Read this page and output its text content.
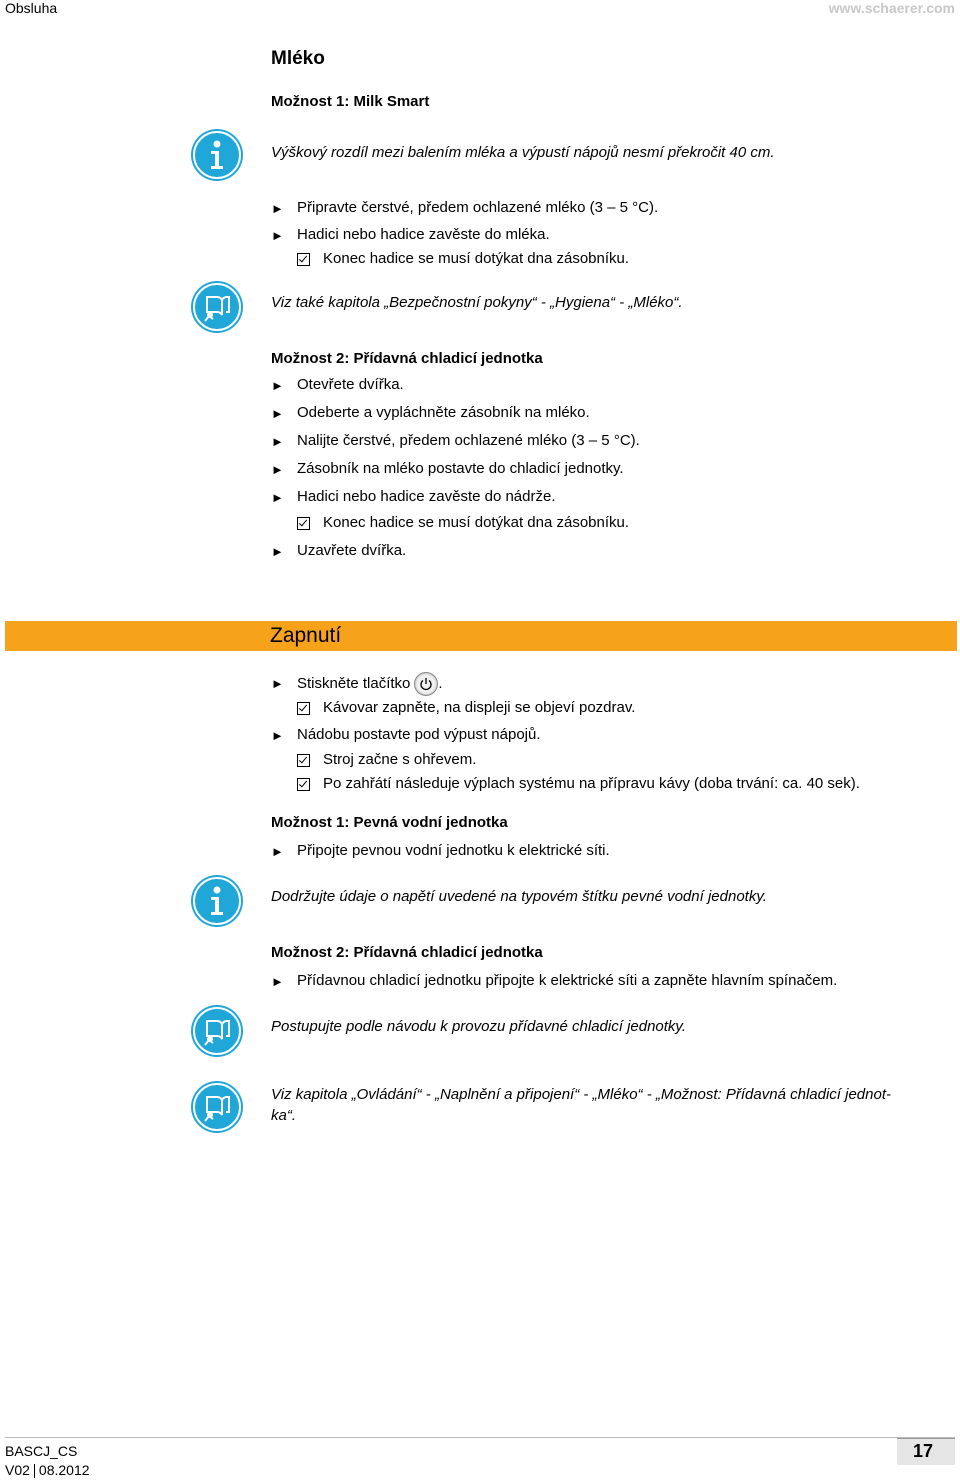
Obsluha	www.schaerer.com
Mléko
Možnost 1: Milk Smart
Výškový rozdíl mezi balením mléka a výpustí nápojů nesmí překročit 40 cm.
► Připravte čerstvé, předem ochlazené mléko (3 – 5 °C).
► Hadici nebo hadice zavěste do mléka.
Konec hadice se musí dotýkat dna zásobníku.
Viz také kapitola „Bezpečnostní pokyny“ - „Hygiena“ - „Mléko“.
Možnost 2: Přídavná chladicí jednotka
► Otevřete dvířka.
► Odeberte a vypláchněte zásobník na mléko.
► Nalijte čerstvé, předem ochlazené mléko (3 – 5 °C).
► Zásobník na mléko postavte do chladicí jednotky.
► Hadici nebo hadice zavěste do nádrže.
Konec hadice se musí dotýkat dna zásobníku.
► Uzavřete dvířka.
Zapnutí
► Stiskněte tlačítko .
Kávovar zapněte, na displeji se objeví pozdrav.
► Nádobu postavte pod výpust nápojů.
Stroj začne s ohřevem.
Po zahřátí následuje výplach systému na přípravu kávy (doba trvání: ca. 40 sek).
Možnost 1: Pevná vodní jednotka
► Připojte pevnou vodní jednotku k elektrické síti.
Dodržujte údaje o napětí uvedené na typovém štítku pevné vodní jednotky.
Možnost 2: Přídavná chladicí jednotka
► Přídavnou chladicí jednotku připojte k elektrické síti a zapněte hlavním spínačem.
Postupujte podle návodu k provozu přídavné chladicí jednotky.
Viz kapitola „Ovládání“ - „Naplnění a připojení“ - „Mléko“ - „Možnost: Přídavná chladicí jednot-
ka“.
BASCJ_CS
V02 08.2012
17
